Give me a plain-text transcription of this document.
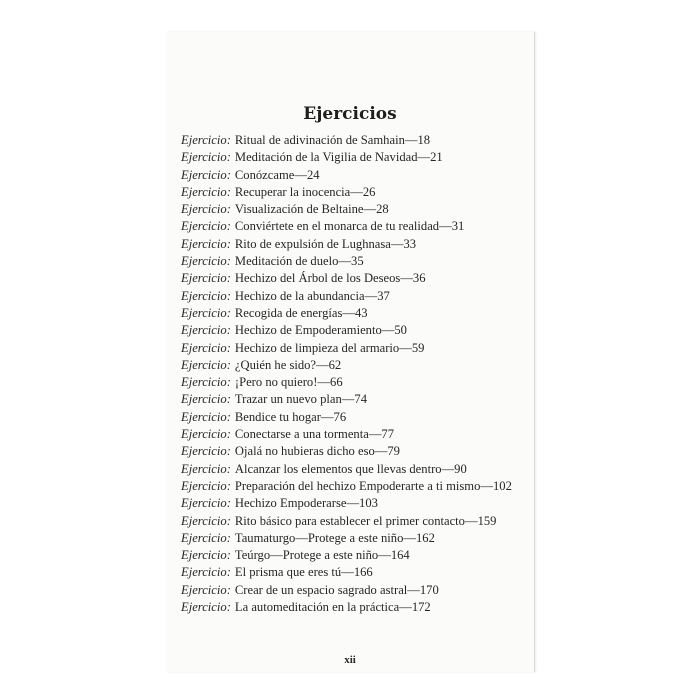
Ejercicios
Ejercicio: Ritual de adivinación de Samhain—18
Ejercicio: Meditación de la Vigilia de Navidad—21
Ejercicio: Conózcame—24
Ejercicio: Recuperar la inocencia—26
Ejercicio: Visualización de Beltaine—28
Ejercicio: Conviértete en el monarca de tu realidad—31
Ejercicio: Rito de expulsión de Lughnasa—33
Ejercicio: Meditación de duelo—35
Ejercicio: Hechizo del Árbol de los Deseos—36
Ejercicio: Hechizo de la abundancia—37
Ejercicio: Recogida de energías—43
Ejercicio: Hechizo de Empoderamiento—50
Ejercicio: Hechizo de limpieza del armario—59
Ejercicio: ¿Quién he sido?—62
Ejercicio: ¡Pero no quiero!—66
Ejercicio: Trazar un nuevo plan—74
Ejercicio: Bendice tu hogar—76
Ejercicio: Conectarse a una tormenta—77
Ejercicio: Ojalá no hubieras dicho eso—79
Ejercicio: Alcanzar los elementos que llevas dentro—90
Ejercicio: Preparación del hechizo Empoderarte a ti mismo—102
Ejercicio: Hechizo Empoderarse—103
Ejercicio: Rito básico para establecer el primer contacto—159
Ejercicio: Taumaturgo—Protege a este niño—162
Ejercicio: Teúrgo—Protege a este niño—164
Ejercicio: El prisma que eres tú—166
Ejercicio: Crear de un espacio sagrado astral—170
Ejercicio: La automeditación en la práctica—172
xii
